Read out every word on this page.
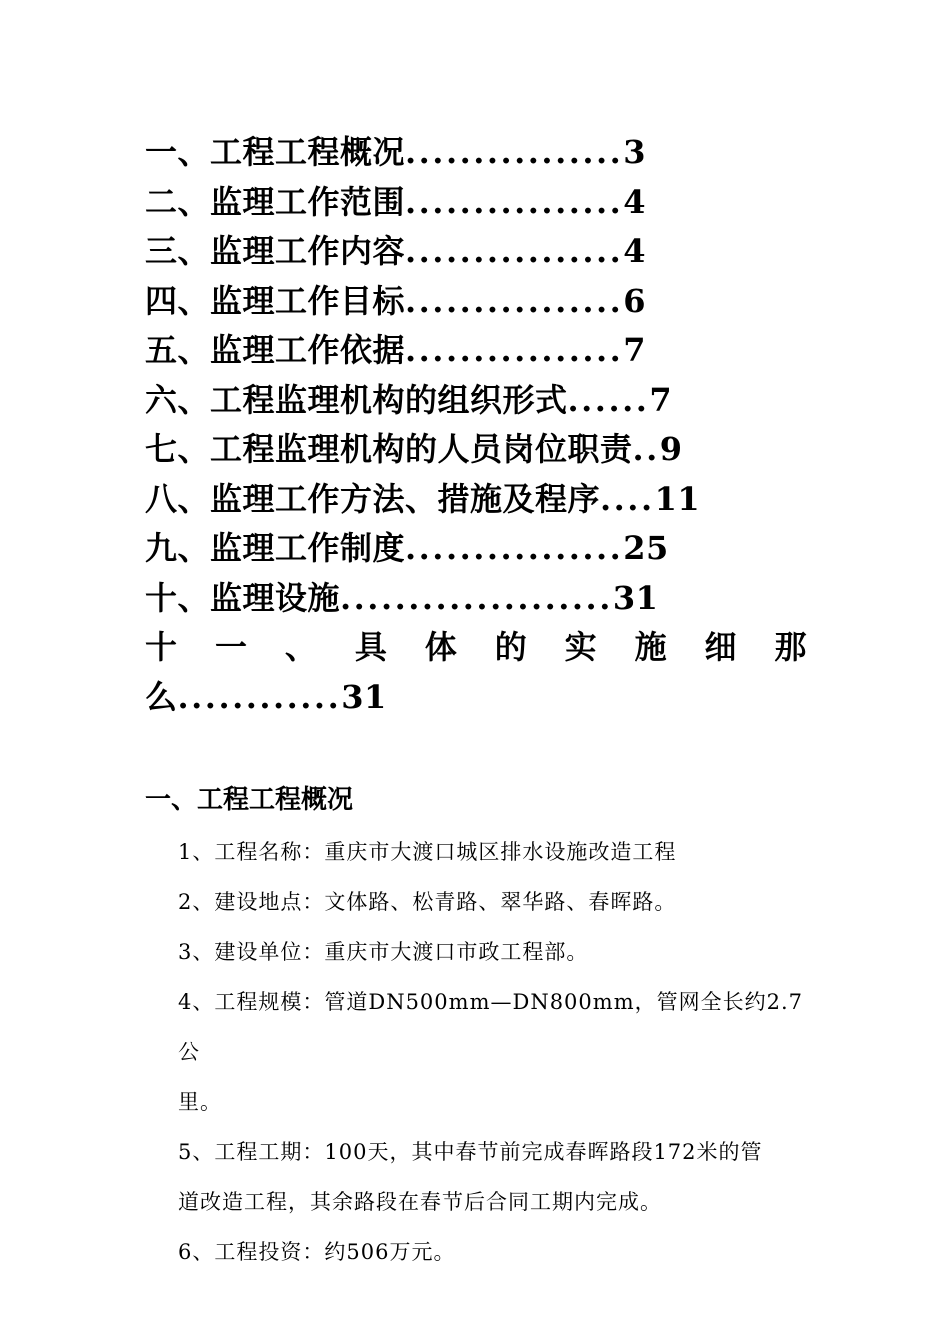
一、工程工程概况................3
二、监理工作范围................4
三、监理工作内容................4
四、监理工作目标................6
五、监理工作依据................7
六、工程监理机构的组织形式......7
七、工程监理机构的人员岗位职责..9
八、监理工作方法、措施及程序....11
九、监理工作制度................25
十、监理设施....................31
十 一 、 具 体 的 实 施 细 那
么............31
一、工程工程概况

1、工程名称：重庆市大渡口城区排水设施改造工程

2、建设地点：文体路、松青路、翠华路、春晖路。

3、建设单位：重庆市大渡口市政工程部。

4、工程规模：管道DN500mm—DN800mm，管网全长约2.7公

里。

5、工程工期：100天，其中春节前完成春晖路段172米的管

道改造工程，其余路段在春节后合同工期内完成。

6、工程投资：约506万元。
